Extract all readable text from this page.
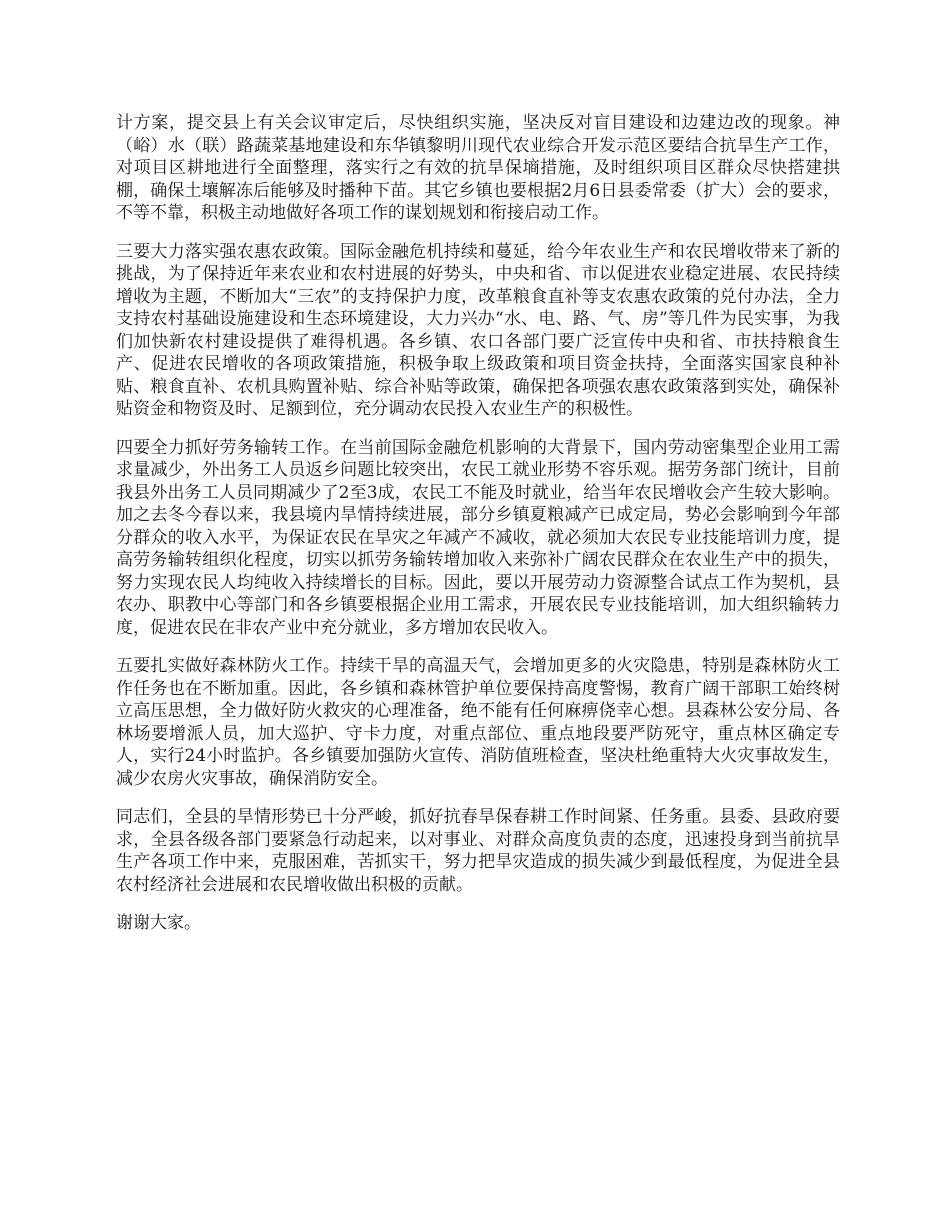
计方案，提交县上有关会议审定后，尽快组织实施，坚决反对盲目建设和边建边改的现象。神（峪）水（联）路蔬菜基地建设和东华镇黎明川现代农业综合开发示范区要结合抗旱生产工作，对项目区耕地进行全面整理，落实行之有效的抗旱保墒措施，及时组织项目区群众尽快搭建拱棚，确保土壤解冻后能够及时播种下苗。其它乡镇也要根据2月6日县委常委（扩大）会的要求，不等不靠，积极主动地做好各项工作的谋划规划和衔接启动工作。

三要大力落实强农惠农政策。国际金融危机持续和蔓延，给今年农业生产和农民增收带来了新的挑战，为了保持近年来农业和农村进展的好势头，中央和省、市以促进农业稳定进展、农民持续增收为主题，不断加大“三农”的支持保护力度，改革粮食直补等支农惠农政策的兑付办法，全力支持农村基础设施建设和生态环境建设，大力兴办“水、电、路、气、房”等几件为民实事，为我们加快新农村建设提供了难得机遇。各乡镇、农口各部门要广泛宣传中央和省、市扶持粮食生产、促进农民增收的各项政策措施，积极争取上级政策和项目资金扶持，全面落实国家良种补贴、粮食直补、农机具购置补贴、综合补贴等政策，确保把各项强农惠农政策落到实处，确保补贴资金和物资及时、足额到位，充分调动农民投入农业生产的积极性。

四要全力抓好劳务输转工作。在当前国际金融危机影响的大背景下，国内劳动密集型企业用工需求量减少，外出务工人员返乡问题比较突出，农民工就业形势不容乐观。据劳务部门统计，目前我县外出务工人员同期减少了2至3成，农民工不能及时就业，给当年农民增收会产生较大影响。加之去冬今春以来，我县境内旱情持续进展，部分乡镇夏粮减产已成定局，势必会影响到今年部分群众的收入水平，为保证农民在旱灾之年减产不减收，就必须加大农民专业技能培训力度，提高劳务输转组织化程度，切实以抓劳务输转增加收入来弥补广阔农民群众在农业生产中的损失，努力实现农民人均纯收入持续增长的目标。因此，要以开展劳动力资源整合试点工作为契机，县农办、职教中心等部门和各乡镇要根据企业用工需求，开展农民专业技能培训，加大组织输转力度，促进农民在非农产业中充分就业，多方增加农民收入。

五要扎实做好森林防火工作。持续干旱的高温天气，会增加更多的火灾隐患，特别是森林防火工作任务也在不断加重。因此，各乡镇和森林管护单位要保持高度警惕，教育广阔干部职工始终树立高压思想，全力做好防火救灾的心理准备，绝不能有任何麻痹侥幸心想。县森林公安分局、各林场要增派人员，加大巡护、守卡力度，对重点部位、重点地段要严防死守，重点林区确定专人，实行24小时监护。各乡镇要加强防火宣传、消防值班检查，坚决杜绝重特大火灾事故发生，减少农房火灾事故，确保消防安全。

同志们，全县的旱情形势已十分严峻，抓好抗春旱保春耕工作时间紧、任务重。县委、县政府要求，全县各级各部门要紧急行动起来，以对事业、对群众高度负责的态度，迅速投身到当前抗旱生产各项工作中来，克服困难，苦抓实干，努力把旱灾造成的损失减少到最低程度，为促进全县农村经济社会进展和农民增收做出积极的贡献。

谢谢大家。
